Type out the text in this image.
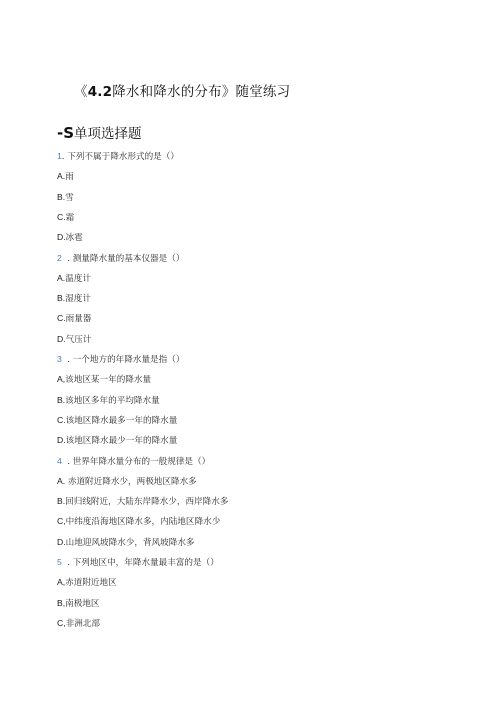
《4.2降水和降水的分布》随堂练习
-S单项选择题
1. 下列不属于降水形式的是（）
A.雨
B.雪
C.霜
D.冰雹
2  . 测量降水量的基本仪器是（）
A.温度计
B.湿度计
C.雨量器
D.气压计
3  . 一个地方的年降水量是指（）
A,该地区某一年的降水量
B.该地区多年的平均降水量
C.该地区降水最多一年的降水量
D.该地区降水最少一年的降水量
4  . 世界年降水量分布的一般规律是（）
A. 赤道附近降水少，两极地区降水多
B.回归线附近，大陆东岸降水少，西岸降水多
C,中纬度沿海地区降水多，内陆地区降水少
D.山地迎风坡降水少，背风坡降水多
5  . 下列地区中，年降水量最丰富的是（）
A,赤道附近地区
B,南极地区
C,非洲北部
